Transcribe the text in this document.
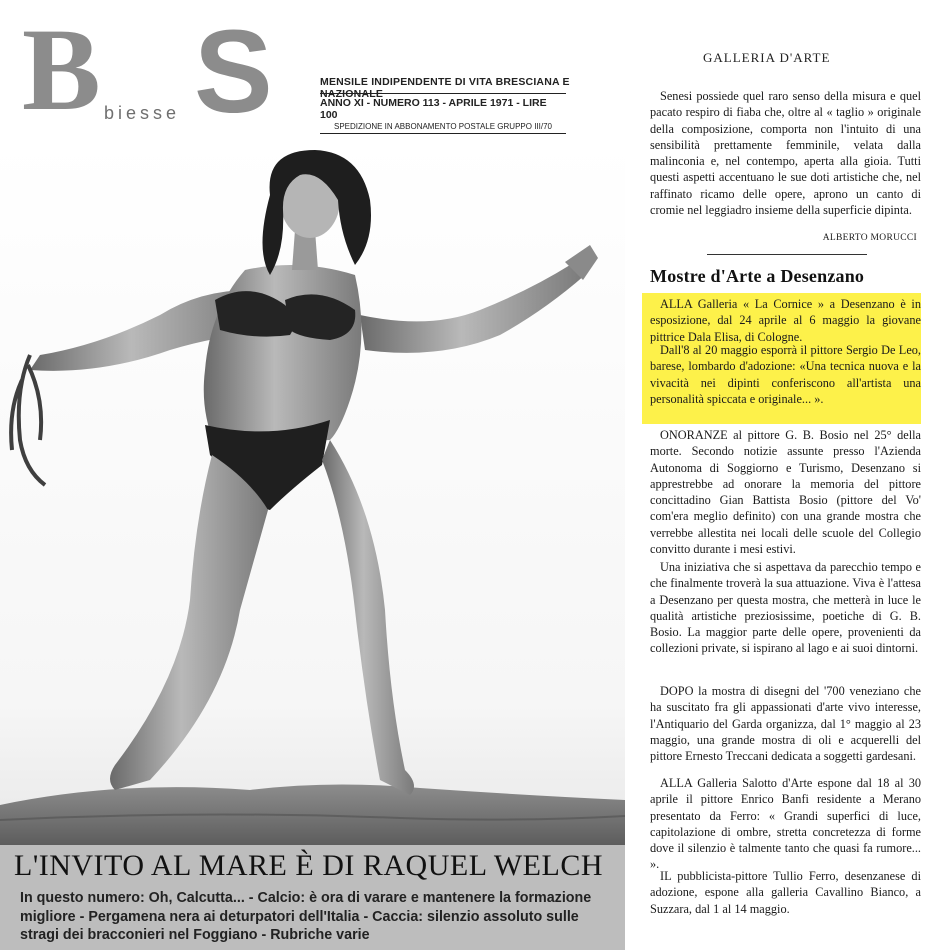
B biesse S	MENSILE INDIPENDENTE DI VITA BRESCIANA E NAZIONALE
ANNO XI - NUMERO 113 - APRILE 1971 - LIRE 100
SPEDIZIONE IN ABBONAMENTO POSTALE GRUPPO III/70
L'INVITO AL MARE È DI RAQUEL WELCH
In questo numero: Oh, Calcutta... - Calcio: è ora di varare e mantenere la formazione migliore - Pergamena nera ai deturpatori dell'Italia - Caccia: silenzio assoluto sulle stragi dei bracconieri nel Foggiano - Rubriche varie
GALLERIA D'ARTE

Senesi possiede quel raro senso della misura e quel pacato respiro di fiaba che, oltre al « taglio » originale della composizione, comporta non l'intuito di una sensibilità prettamente femminile, velata dalla malinconia e, nel contempo, aperta alla gioia. Tutti questi aspetti accentuano le sue doti artistiche che, nel raffinato ricamo delle opere, aprono un canto di cromie nel leggiadro insieme della superficie dipinta.

ALBERTO MORUCCI
Mostre d'Arte a Desenzano

ALLA Galleria « La Cornice » a Desenzano è in esposizione, dal 24 aprile al 6 maggio la giovane pittrice Dala Elisa, di Cologne.

Dall'8 al 20 maggio esporrà il pittore Sergio De Leo, barese, lombardo d'adozione: «Una tecnica nuova e la vivacità nei dipinti conferiscono all'artista una personalità spiccata e originale... ».

ONORANZE al pittore G. B. Bosio nel 25° della morte. Secondo notizie assunte presso l'Azienda Autonoma di Soggiorno e Turismo, Desenzano si apprestrebbe ad onorare la memoria del pittore concittadino Gian Battista Bosio (pittore del Vo' com'era meglio definito) con una grande mostra che verrebbe allestita nei locali delle scuole del Collegio convitto durante i mesi estivi.

Una iniziativa che si aspettava da parecchio tempo e che finalmente troverà la sua attuazione. Viva è l'attesa a Desenzano per questa mostra, che metterà in luce le qualità artistiche preziosissime, poetiche di G. B. Bosio. La maggior parte delle opere, provenienti da collezioni private, si ispirano al lago e ai suoi dintorni.

DOPO la mostra di disegni del '700 veneziano che ha suscitato fra gli appassionati d'arte vivo interesse, l'Antiquario del Garda organizza, dal 1° maggio al 23 maggio, una grande mostra di oli e acquerelli del pittore Ernesto Treccani dedicata a soggetti gardesani.

ALLA Galleria Salotto d'Arte espone dal 18 al 30 aprile il pittore Enrico Banfi residente a Merano presentato da Ferro: « Grandi superfici di luce, capitolazione di ombre, stretta concretezza di forme dove il silenzio è talmente tanto che quasi fa rumore... ».

IL pubblicista-pittore Tullio Ferro, desenzanese di adozione, espone alla galleria Cavallino Bianco, a Suzzara, dal 1 al 14 maggio.
